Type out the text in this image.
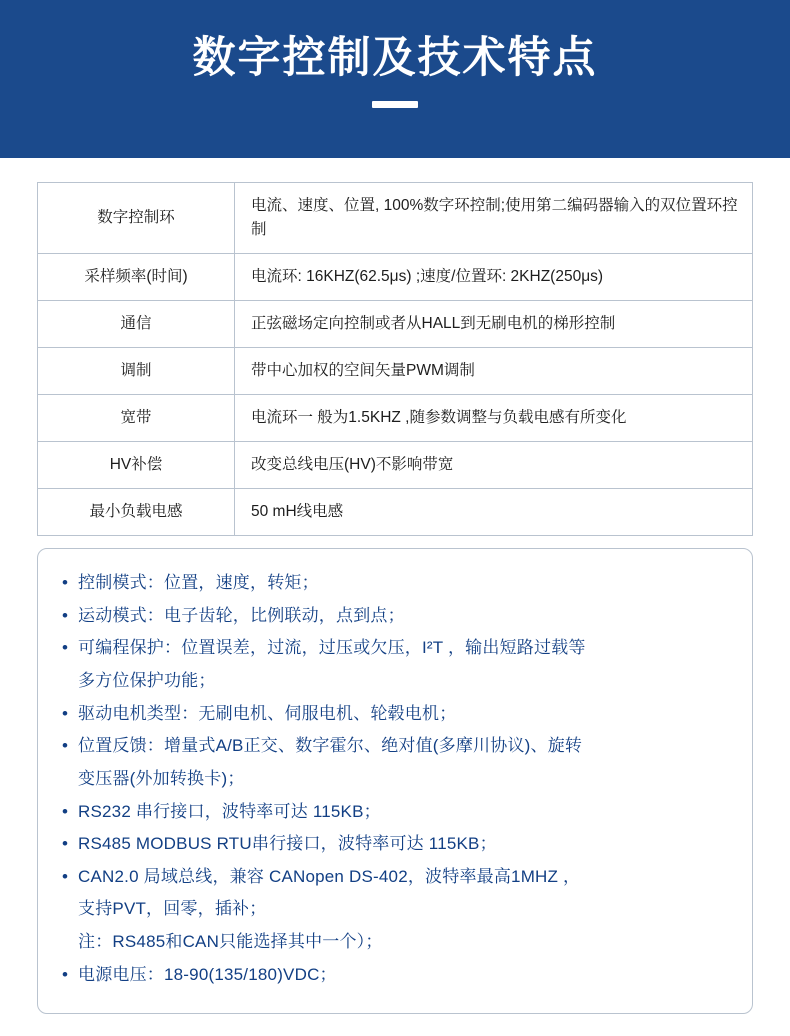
数字控制及技术特点
数字控制环	电流、速度、位置, 100%数字环控制;使用第二编码器输入的双位置环控制
采样频率(时间)	电流环: 16KHZ(62.5μs) ;速度/位置环: 2KHZ(250μs)
通信	正弦磁场定向控制或者从HALL到无刷电机的梯形控制
调制	带中心加权的空间矢量PWM调制
宽带	电流环一 般为1.5KHZ ,随参数调整与负载电感有所变化
HV补偿	改变总线电压(HV)不影响带宽
最小负载电感	50 mH线电感
• 控制模式：位置，速度，转矩；
• 运动模式：电子齿轮，比例联动，点到点；
• 可编程保护：位置误差，过流，过压或欠压，I²T ，输出短路过载等
多方位保护功能；
• 驱动电机类型：无刷电机、伺服电机、轮毂电机；
• 位置反馈：增量式A/B正交、数字霍尔、绝对值(多摩川协议)、旋转
变压器(外加转换卡)；
• RS232 串行接口，波特率可达 115KB；
• RS485 MODBUS RTU串行接口，波特率可达 115KB；
• CAN2.0 局域总线，兼容 CANopen DS-402，波特率最高1MHZ ，
支持PVT，回零，插补；
注：RS485和CAN只能选择其中一个）；
• 电源电压：18-90(135/180)VDC；
